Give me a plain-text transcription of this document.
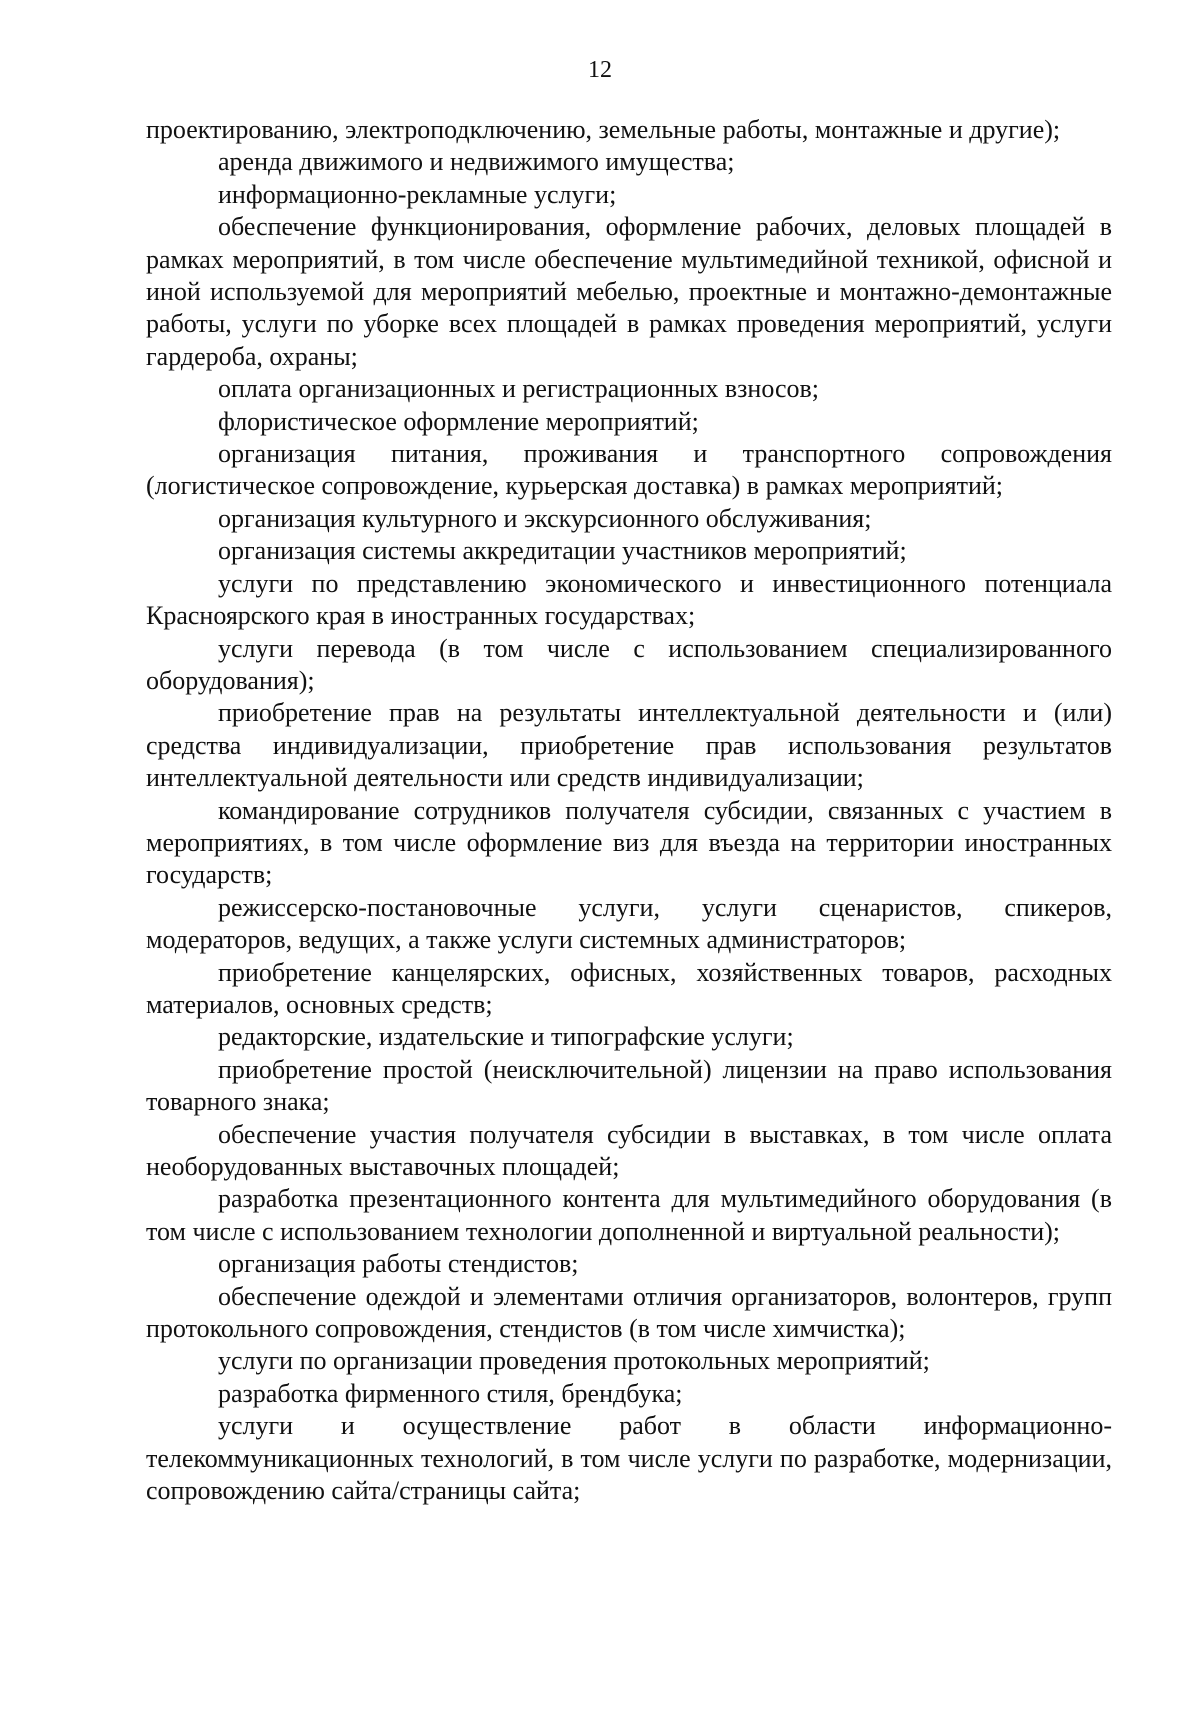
12

проектированию, электроподключению, земельные работы, монтажные и другие);

аренда движимого и недвижимого имущества;

информационно-рекламные услуги;

обеспечение функционирования, оформление рабочих, деловых площадей в рамках мероприятий, в том числе обеспечение мультимедийной техникой, офисной и иной используемой для мероприятий мебелью, проектные и монтажно-демонтажные работы, услуги по уборке всех площадей в рамках проведения мероприятий, услуги гардероба, охраны;

оплата организационных и регистрационных взносов;

флористическое оформление мероприятий;

организация питания, проживания и транспортного сопровождения (логистическое сопровождение, курьерская доставка) в рамках мероприятий;

организация культурного и экскурсионного обслуживания;

организация системы аккредитации участников мероприятий;

услуги по представлению экономического и инвестиционного потенциала Красноярского края в иностранных государствах;

услуги перевода (в том числе с использованием специализированного оборудования);

приобретение прав на результаты интеллектуальной деятельности и (или) средства индивидуализации, приобретение прав использования результатов интеллектуальной деятельности или средств индивидуализации;

командирование сотрудников получателя субсидии, связанных с участием в мероприятиях, в том числе оформление виз для въезда на территории иностранных государств;

режиссерско-постановочные услуги, услуги сценаристов, спикеров, модераторов, ведущих, а также услуги системных администраторов;

приобретение канцелярских, офисных, хозяйственных товаров, расходных материалов, основных средств;

редакторские, издательские и типографские услуги;

приобретение простой (неисключительной) лицензии на право использования товарного знака;

обеспечение участия получателя субсидии в выставках, в том числе оплата необорудованных выставочных площадей;

разработка презентационного контента для мультимедийного оборудования (в том числе с использованием технологии дополненной и виртуальной реальности);

организация работы стендистов;

обеспечение одеждой и элементами отличия организаторов, волонтеров, групп протокольного сопровождения, стендистов (в том числе химчистка);

услуги по организации проведения протокольных мероприятий;

разработка фирменного стиля, брендбука;

услуги и осуществление работ в области информационно-телекоммуникационных технологий, в том числе услуги по разработке, модернизации, сопровождению сайта/страницы сайта;
